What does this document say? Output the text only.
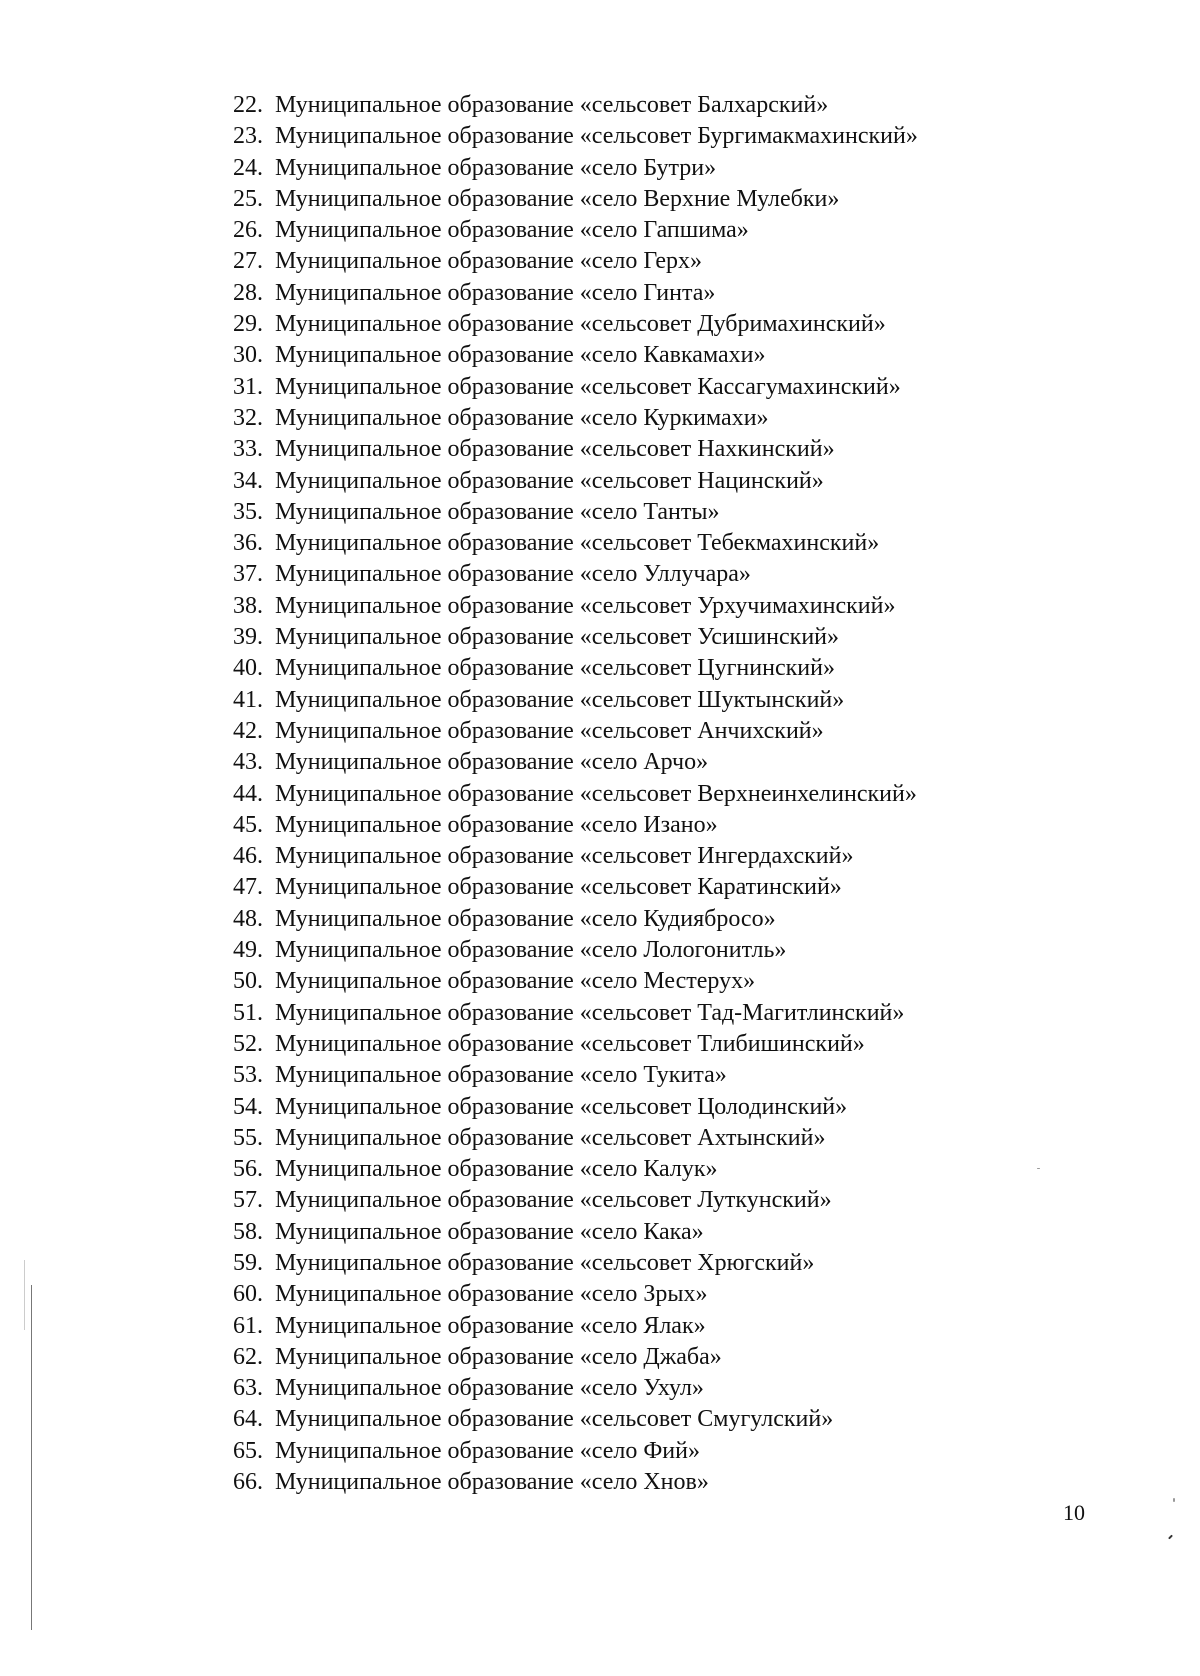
22. Муниципальное образование «сельсовет Балхарский»
23. Муниципальное образование «сельсовет Бургимакмахинский»
24. Муниципальное образование «село Бутри»
25. Муниципальное образование «село Верхние Мулебки»
26. Муниципальное образование «село Гапшима»
27. Муниципальное образование «село Герх»
28. Муниципальное образование «село Гинта»
29. Муниципальное образование «сельсовет Дубримахинский»
30. Муниципальное образование «село Кавкамахи»
31. Муниципальное образование «сельсовет Кассагумахинский»
32. Муниципальное образование «село Куркимахи»
33. Муниципальное образование «сельсовет Нахкинский»
34. Муниципальное образование «сельсовет Нацинский»
35. Муниципальное образование «село Танты»
36. Муниципальное образование «сельсовет Тебекмахинский»
37. Муниципальное образование «село Уллучара»
38. Муниципальное образование «сельсовет Урхучимахинский»
39. Муниципальное образование «сельсовет Усишинский»
40. Муниципальное образование «сельсовет Цугнинский»
41. Муниципальное образование «сельсовет Шуктынский»
42. Муниципальное образование «сельсовет Анчихский»
43. Муниципальное образование «село Арчо»
44. Муниципальное образование «сельсовет Верхнеинхелинский»
45. Муниципальное образование «село Изано»
46. Муниципальное образование «сельсовет Ингердахский»
47. Муниципальное образование «сельсовет Каратинский»
48. Муниципальное образование «село Кудиябросо»
49. Муниципальное образование «село Лологонитль»
50. Муниципальное образование «село Местерух»
51. Муниципальное образование «сельсовет Тад-Магитлинский»
52. Муниципальное образование «сельсовет Тлибишинский»
53. Муниципальное образование «село Тукита»
54. Муниципальное образование «сельсовет Цолодинский»
55. Муниципальное образование «сельсовет Ахтынский»
56. Муниципальное образование «село Калук»
57. Муниципальное образование «сельсовет Луткунский»
58. Муниципальное образование «село Кака»
59. Муниципальное образование «сельсовет Хрюгский»
60. Муниципальное образование «село Зрых»
61. Муниципальное образование «село Ялак»
62. Муниципальное образование «село Джаба»
63. Муниципальное образование «село Ухул»
64. Муниципальное образование «сельсовет Смугулский»
65. Муниципальное образование «село Фий»
66. Муниципальное образование «село Хнов»
10
